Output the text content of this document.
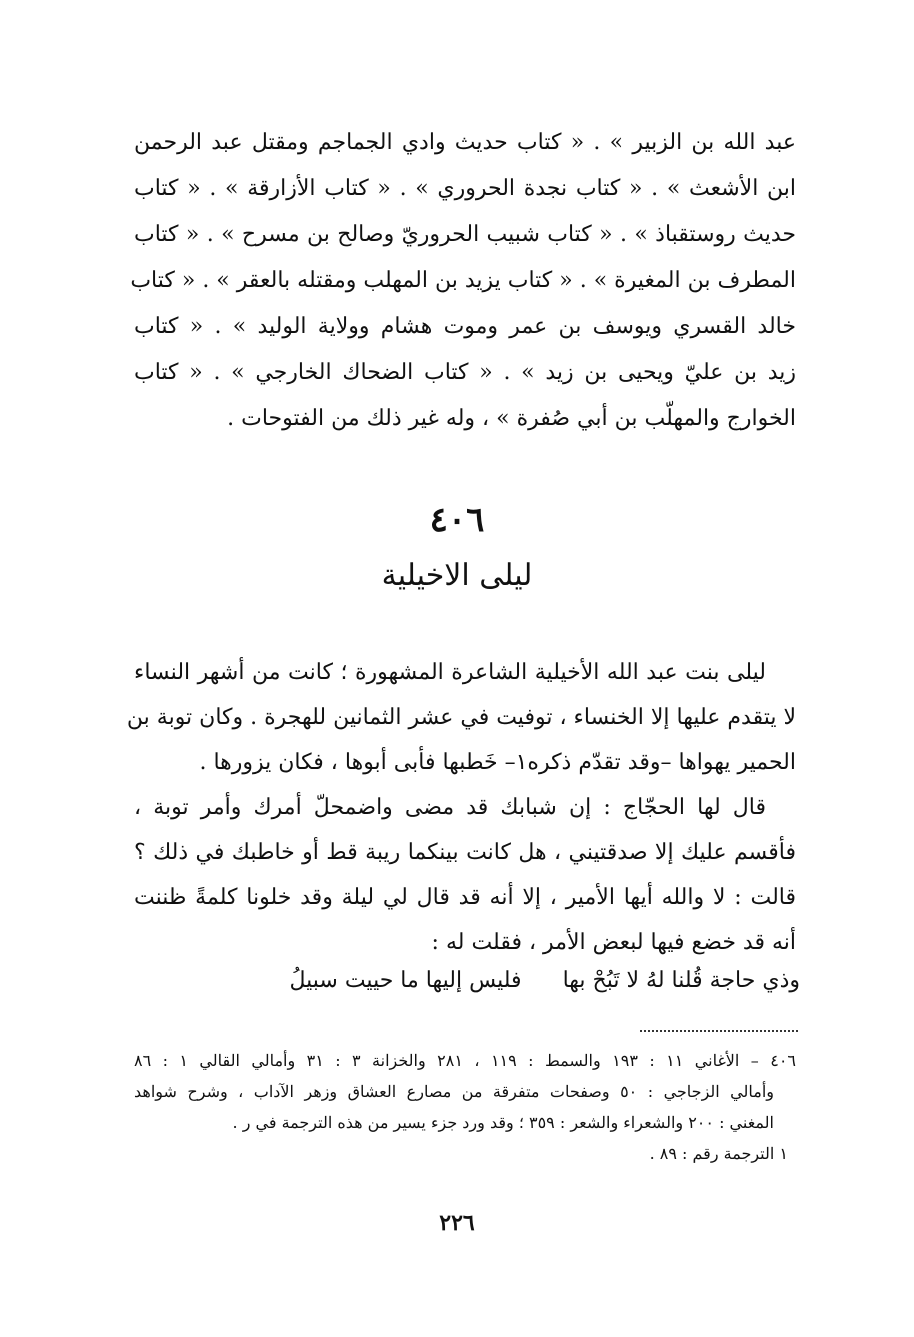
عبد الله بن الزبير » . « كتاب حديث وادي الجماجم ومقتل عبد الرحمن
ابن الأشعث » . « كتاب نجدة الحروري » . « كتاب الأزارقة » . « كتاب
حديث روستقباذ » . « كتاب شبيب الحروريّ وصالح بن مسرح » . « كتاب
المطرف بن المغيرة » . « كتاب يزيد بن المهلب ومقتله بالعقر » . « كتاب
خالد القسري ويوسف بن عمر وموت هشام وولاية الوليد » . « كتاب
زيد بن عليّ ويحيى بن زيد » . « كتاب الضحاك الخارجي » . « كتاب
الخوارج والمهلّب بن أبي صُفرة » ، وله غير ذلك من الفتوحات .
٤٠٦
ليلى الاخيلية
ليلى بنت عبد الله الأخيلية الشاعرة المشهورة ؛ كانت من أشهر النساء
لا يتقدم عليها إلا الخنساء ، توفيت في عشر الثمانين للهجرة . وكان توبة بن
الحمير يهواها –وقد تقدّم ذكره١– خَطبها فأبى أبوها ، فكان يزورها .
قال لها الحجّاج : إن شبابك قد مضى واضمحلّ أمرك وأمر توبة ،
فأقسم عليك إلا صدقتيني ، هل كانت بينكما ريبة قط أو خاطبك في ذلك ؟
قالت : لا والله أيها الأمير ، إلا أنه قد قال لي ليلة وقد خلونا كلمةً ظننت
أنه قد خضع فيها لبعض الأمر ، فقلت له :
وذي حاجة قُلنا لهُ لا تَبُحْ بها فليس إليها ما حييت سبيلُ
٤٠٦ – الأغاني ١١ : ١٩٣ والسمط : ١١٩ ، ٢٨١ والخزانة ٣ : ٣١ وأمالي القالي ١ : ٨٦
وأمالي الزجاجي : ٥٠ وصفحات متفرقة من مصارع العشاق وزهر الآداب ، وشرح شواهد
المغني : ٢٠٠ والشعراء والشعر : ٣٥٩ ؛ وقد ورد جزء يسير من هذه الترجمة في ر .
١ الترجمة رقم : ٨٩ .
٢٢٦
